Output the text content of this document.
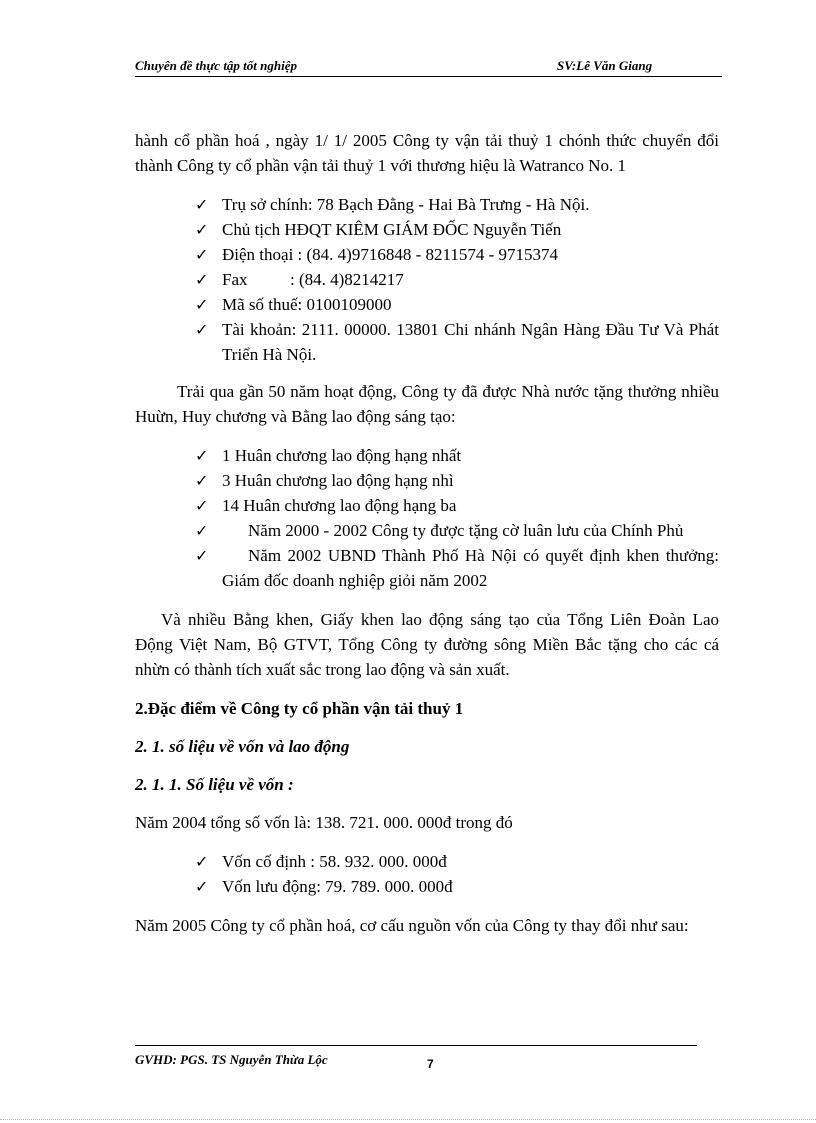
Chuyên đề thực tập tốt nghiệp	SV:Lê Văn Giang

hành cổ phần hoá , ngày 1/ 1/ 2005 Công ty vận tải thuỷ 1 chónh thức chuyển đổi thành Công ty cổ phần vận tải thuỷ 1 với thương hiệu là Watranco No. 1

✓ Trụ sở chính: 78 Bạch Đằng - Hai Bà Trưng - Hà Nội.
✓ Chủ tịch HĐQT KIÊM GIÁM ĐỐC Nguyễn Tiến
✓ Điện thoại : (84. 4)9716848 - 8211574 - 9715374
✓ Fax          : (84. 4)8214217
✓ Mã số thuế: 0100109000
✓ Tài khoản: 2111. 00000. 13801 Chi nhánh Ngân Hàng Đầu Tư Và Phát Triển Hà Nội.

Trải qua gần 50 năm hoạt động, Công ty đã được Nhà nước tặng thưởng nhiều Huừn, Huy chương và Bằng lao động sáng tạo:

✓ 1 Huân chương lao động hạng nhất
✓ 3 Huân chương lao động hạng nhì
✓ 14 Huân chương lao động hạng ba
✓ Năm 2000 - 2002 Công ty được tặng cờ luân lưu của Chính Phủ
✓ Năm 2002 UBND Thành Phố Hà Nội có quyết định khen thưởng: Giám đốc doanh nghiệp giỏi năm 2002

Và nhiều Bằng khen, Giấy khen lao động sáng tạo của Tổng Liên Đoàn Lao Động Việt Nam, Bộ GTVT, Tổng Công ty đường sông Miền Bắc tặng cho các cá nhừn có thành tích xuất sắc trong lao động và sản xuất.

2.Đặc điểm về Công ty cổ phần vận tải thuỷ 1
2. 1. số liệu về vốn và lao động
2. 1. 1. Số liệu về vốn :

Năm 2004 tổng số vốn là: 138. 721. 000. 000đ trong đó

✓ Vốn cố định : 58. 932. 000. 000đ
✓ Vốn lưu động: 79. 789. 000. 000đ

Năm 2005 Công ty cổ phần hoá, cơ cấu nguồn vốn của Công ty thay đổi như sau:

GVHD: PGS. TS Nguyễn Thừa Lộc	7
